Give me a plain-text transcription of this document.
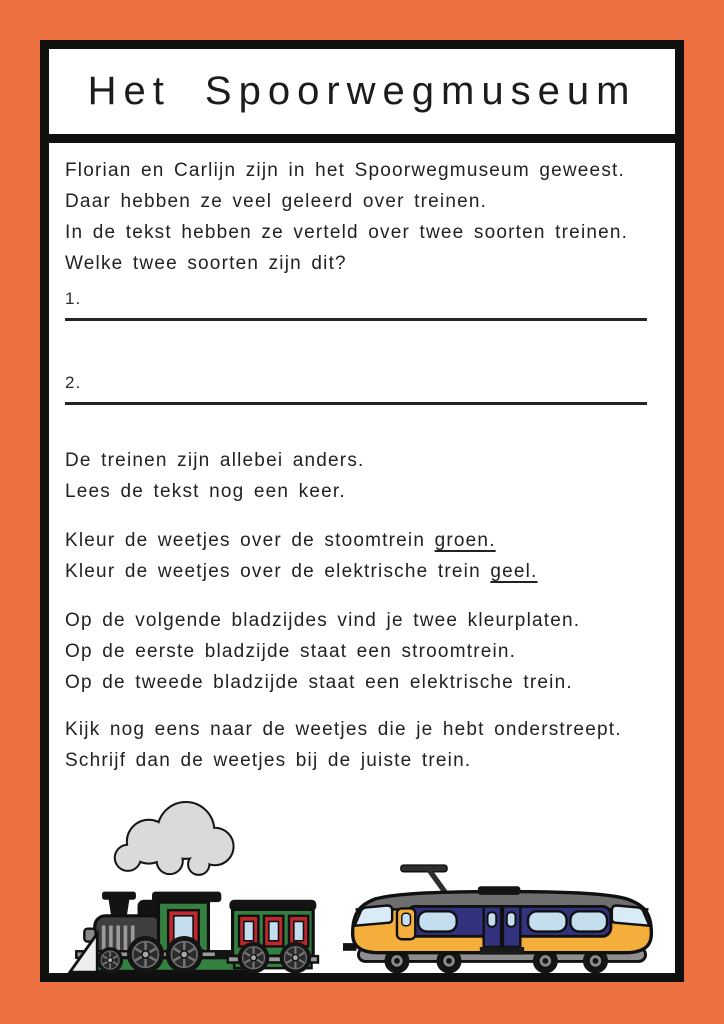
Het Spoorwegmuseum

Florian en Carlijn zijn in het Spoorwegmuseum geweest.
Daar hebben ze veel geleerd over treinen.
In de tekst hebben ze verteld over twee soorten treinen.
Welke twee soorten zijn dit?

1.
2.

De treinen zijn allebei anders.
Lees de tekst nog een keer.

Kleur de weetjes over de stoomtrein groen.
Kleur de weetjes over de elektrische trein geel.

Op de volgende bladzijdes vind je twee kleurplaten.
Op de eerste bladzijde staat een stroomtrein.
Op de tweede bladzijde staat een elektrische trein.

Kijk nog eens naar de weetjes die je hebt onderstreept.
Schrijf dan de weetjes bij de juiste trein.
